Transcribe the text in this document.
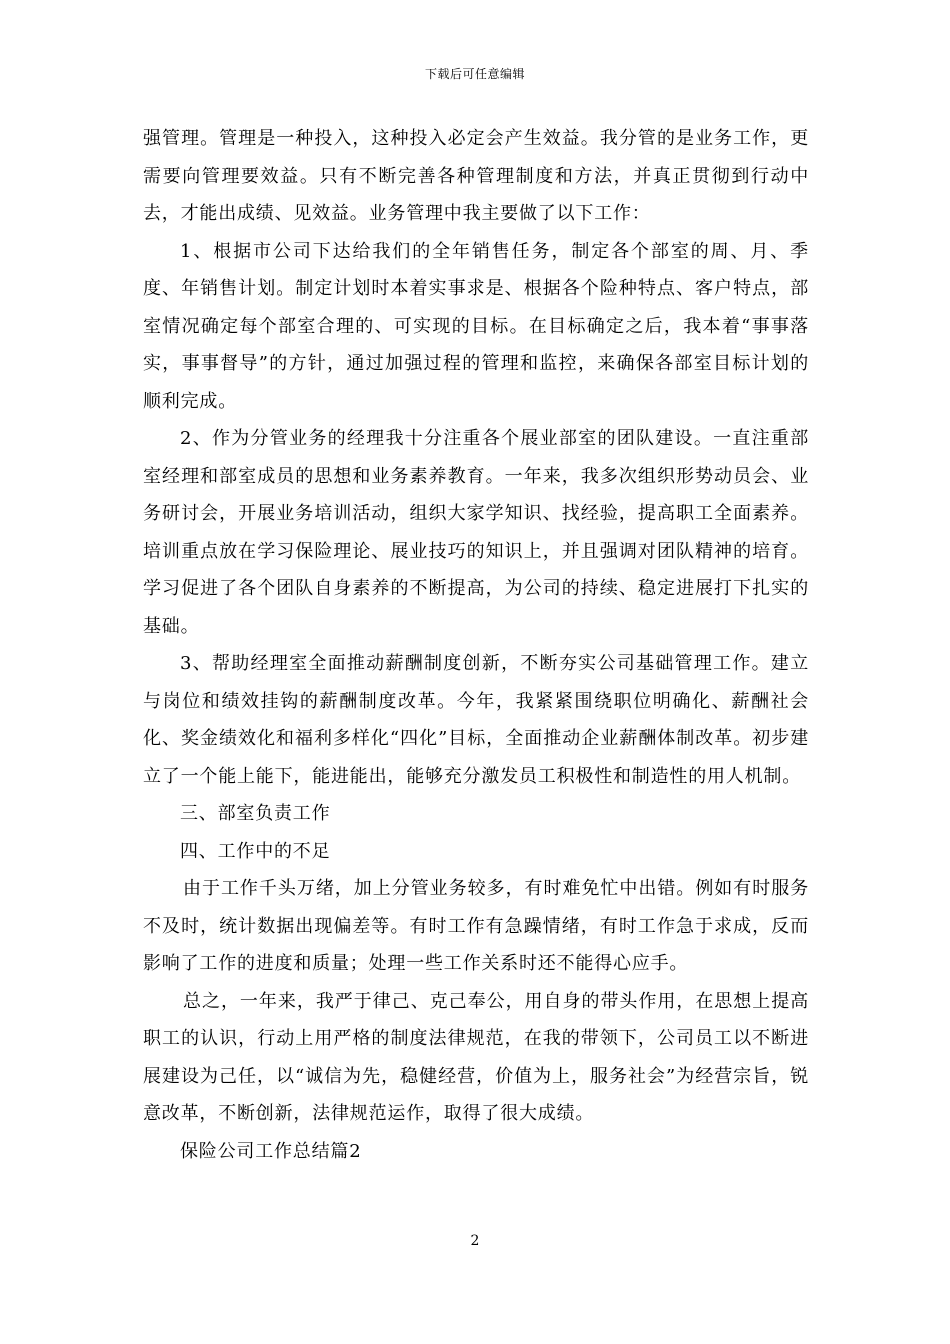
下载后可任意编辑

强管理。管理是一种投入，这种投入必定会产生效益。我分管的是业务工作，更需要向管理要效益。只有不断完善各种管理制度和方法，并真正贯彻到行动中去，才能出成绩、见效益。业务管理中我主要做了以下工作：

1、根据市公司下达给我们的全年销售任务，制定各个部室的周、月、季度、年销售计划。制定计划时本着实事求是、根据各个险种特点、客户特点，部室情况确定每个部室合理的、可实现的目标。在目标确定之后，我本着“事事落实，事事督导”的方针，通过加强过程的管理和监控，来确保各部室目标计划的顺利完成。

2、作为分管业务的经理我十分注重各个展业部室的团队建设。一直注重部室经理和部室成员的思想和业务素养教育。一年来，我多次组织形势动员会、业务研讨会，开展业务培训活动，组织大家学知识、找经验，提高职工全面素养。培训重点放在学习保险理论、展业技巧的知识上，并且强调对团队精神的培育。学习促进了各个团队自身素养的不断提高，为公司的持续、稳定进展打下扎实的基础。

3、帮助经理室全面推动薪酬制度创新，不断夯实公司基础管理工作。建立与岗位和绩效挂钩的薪酬制度改革。今年，我紧紧围绕职位明确化、薪酬社会化、奖金绩效化和福利多样化“四化”目标，全面推动企业薪酬体制改革。初步建立了一个能上能下，能进能出，能够充分激发员工积极性和制造性的用人机制。

三、部室负责工作

四、工作中的不足

由于工作千头万绪，加上分管业务较多，有时难免忙中出错。例如有时服务不及时，统计数据出现偏差等。有时工作有急躁情绪，有时工作急于求成，反而影响了工作的进度和质量；处理一些工作关系时还不能得心应手。

总之，一年来，我严于律己、克己奉公，用自身的带头作用，在思想上提高职工的认识，行动上用严格的制度法律规范，在我的带领下，公司员工以不断进展建设为己任，以“诚信为先，稳健经营，价值为上，服务社会”为经营宗旨，锐意改革，不断创新，法律规范运作，取得了很大成绩。

保险公司工作总结篇2

2
